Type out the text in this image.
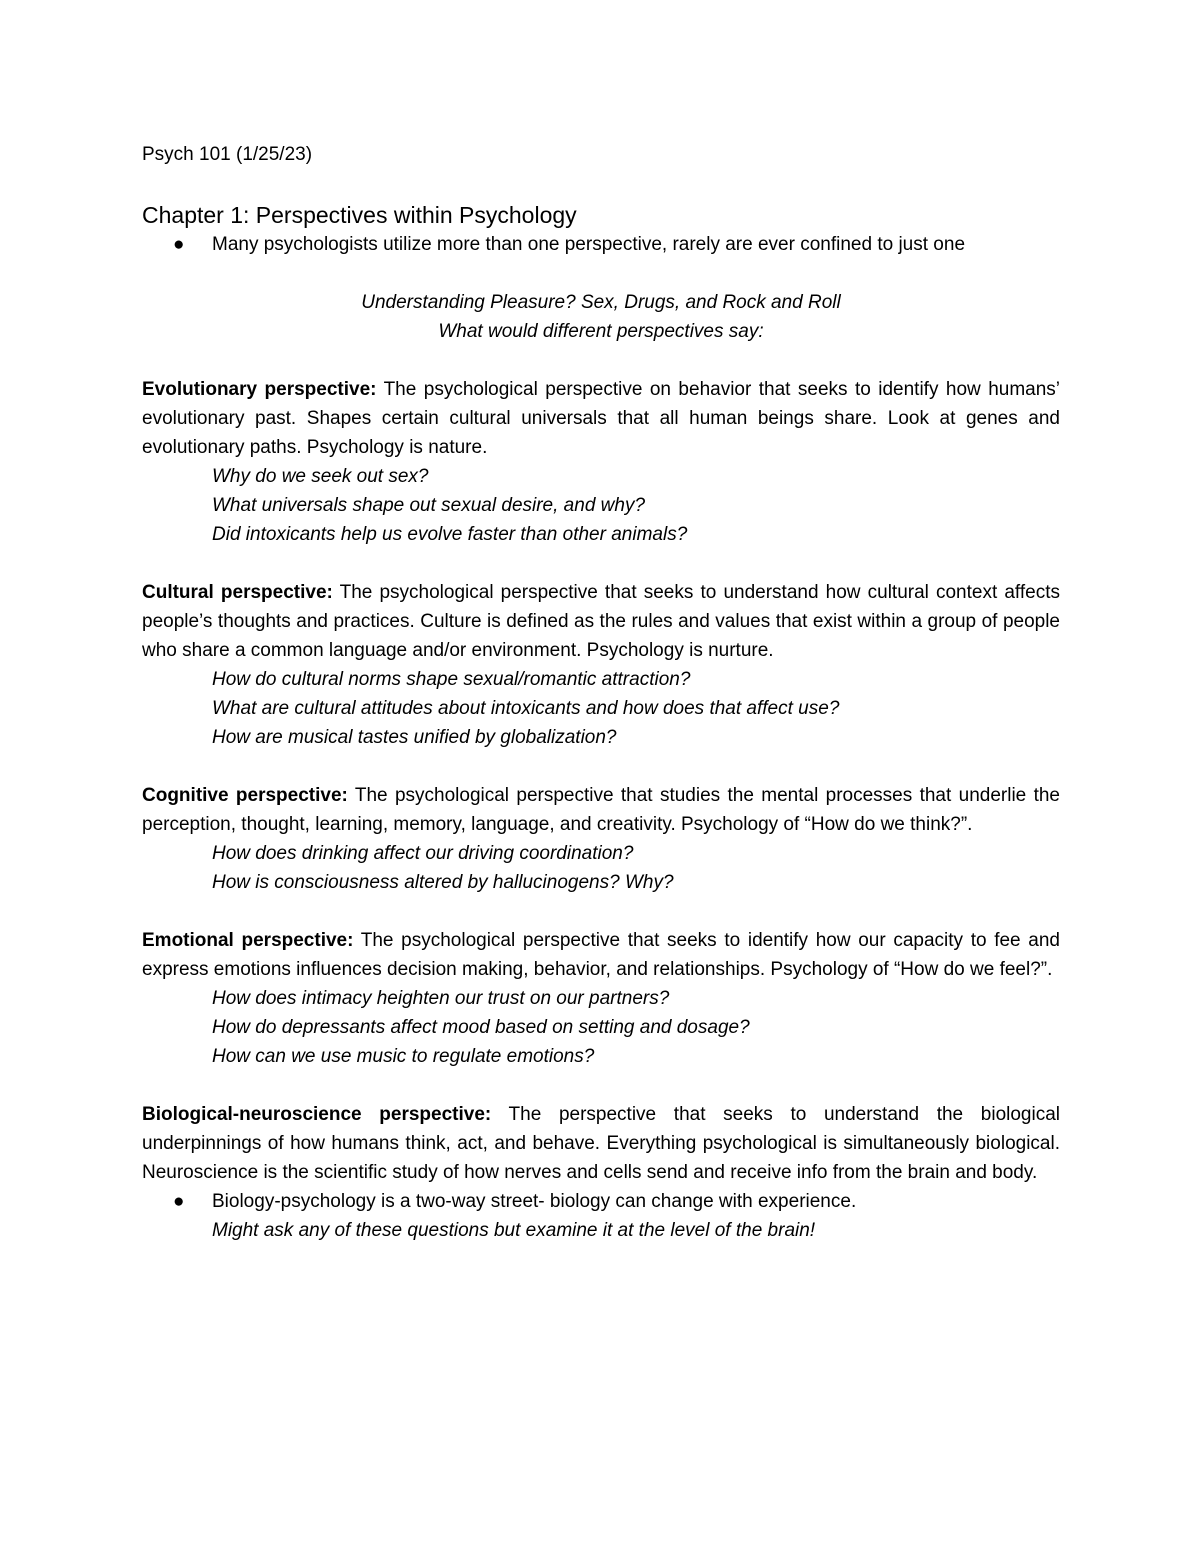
Psych 101 (1/25/23)

Chapter 1: Perspectives within Psychology

● Many psychologists utilize more than one perspective, rarely are ever confined to just one

Understanding Pleasure? Sex, Drugs, and Rock and Roll

What would different perspectives say:

Evolutionary perspective: The psychological perspective on behavior that seeks to identify how humans’ evolutionary past. Shapes certain cultural universals that all human beings share. Look at genes and evolutionary paths. Psychology is nature.

Why do we seek out sex?

What universals shape out sexual desire, and why?

Did intoxicants help us evolve faster than other animals?

Cultural perspective: The psychological perspective that seeks to understand how cultural context affects people’s thoughts and practices. Culture is defined as the rules and values that exist within a group of people who share a common language and/or environment. Psychology is nurture.

How do cultural norms shape sexual/romantic attraction?

What are cultural attitudes about intoxicants and how does that affect use?

How are musical tastes unified by globalization?

Cognitive perspective: The psychological perspective that studies the mental processes that underlie the perception, thought, learning, memory, language, and creativity. Psychology of “How do we think?”.

How does drinking affect our driving coordination?

How is consciousness altered by hallucinogens? Why?

Emotional perspective: The psychological perspective that seeks to identify how our capacity to fee and express emotions influences decision making, behavior, and relationships. Psychology of “How do we feel?”.

How does intimacy heighten our trust on our partners?

How do depressants affect mood based on setting and dosage?

How can we use music to regulate emotions?

Biological-neuroscience perspective: The perspective that seeks to understand the biological underpinnings of how humans think, act, and behave. Everything psychological is simultaneously biological. Neuroscience is the scientific study of how nerves and cells send and receive info from the brain and body.

● Biology-psychology is a two-way street- biology can change with experience.
Might ask any of these questions but examine it at the level of the brain!
